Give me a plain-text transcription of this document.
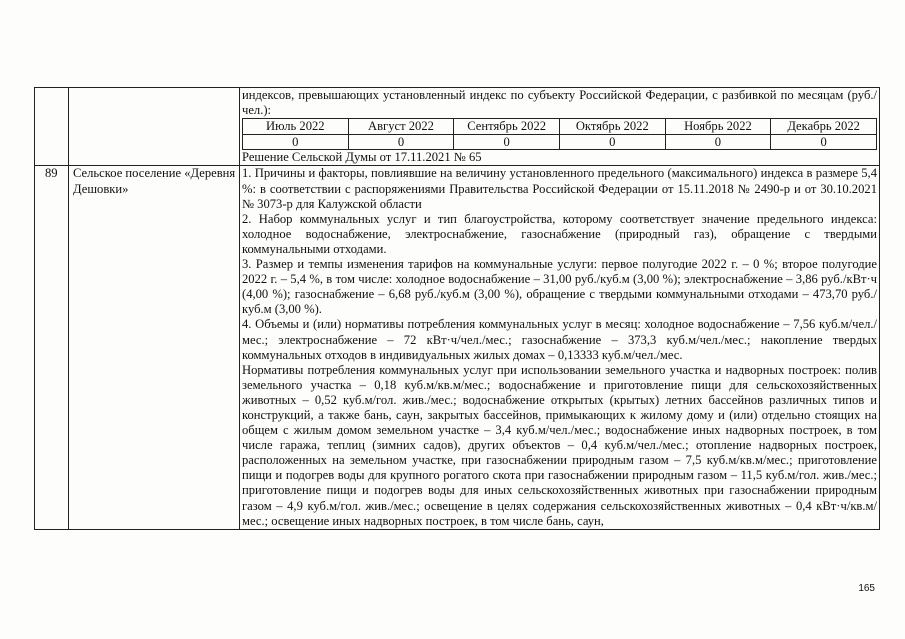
индексов, превышающих установленный индекс по субъекту Российской Федерации, с разбивкой по месяцам (руб./чел.):

Июль 2022	Август 2022	Сентябрь 2022	Октябрь 2022	Ноябрь 2022	Декабрь 2022
0	0	0	0	0	0

Решение Сельской Думы от 17.11.2021 № 65

89	Сельское поселение «Деревня Дешовки»	

1. Причины и факторы, повлиявшие на величину установленного предельного (максимального) индекса в размере 5,4 %: в соответствии с распоряжениями Правительства Российской Федерации от 15.11.2018 № 2490-р и от 30.10.2021 № 3073-р для Калужской области

2. Набор коммунальных услуг и тип благоустройства, которому соответствует значение предельного индекса: холодное водоснабжение, электроснабжение, газоснабжение (природный газ), обращение с твердыми коммунальными отходами.

3. Размер и темпы изменения тарифов на коммунальные услуги: первое полугодие 2022 г. – 0 %; второе полугодие 2022 г. – 5,4 %, в том числе: холодное водоснабжение – 31,00 руб./куб.м (3,00 %); электроснабжение – 3,86 руб./кВт·ч (4,00 %); газоснабжение – 6,68 руб./куб.м (3,00 %), обращение с твердыми коммунальными отходами – 473,70 руб./куб.м (3,00 %).

4. Объемы и (или) нормативы потребления коммунальных услуг в месяц: холодное водоснабжение – 7,56 куб.м/чел./мес.; электроснабжение – 72 кВт·ч/чел./мес.; газоснабжение – 373,3 куб.м/чел./мес.; накопление твердых коммунальных отходов в индивидуальных жилых домах – 0,13333 куб.м/чел./мес.

Нормативы потребления коммунальных услуг при использовании земельного участка и надворных построек: полив земельного участка – 0,18 куб.м/кв.м/мес.; водоснабжение и приготовление пищи для сельскохозяйственных животных – 0,52 куб.м/гол. жив./мес.; водоснабжение открытых (крытых) летних бассейнов различных типов и конструкций, а также бань, саун, закрытых бассейнов, примыкающих к жилому дому и (или) отдельно стоящих на общем с жилым домом земельном участке – 3,4 куб.м/чел./мес.; водоснабжение иных надворных построек, в том числе гаража, теплиц (зимних садов), других объектов – 0,4 куб.м/чел./мес.; отопление надворных построек, расположенных на земельном участке, при газоснабжении природным газом – 7,5 куб.м/кв.м/мес.; приготовление пищи и подогрев воды для крупного рогатого скота при газоснабжении природным газом – 11,5 куб.м/гол. жив./мес.; приготовление пищи и подогрев воды для иных сельскохозяйственных животных при газоснабжении природным газом – 4,9 куб.м/гол. жив./мес.; освещение в целях содержания сельскохозяйственных животных – 0,4 кВт·ч/кв.м/мес.; освещение иных надворных построек, в том числе бань, саун,

165
